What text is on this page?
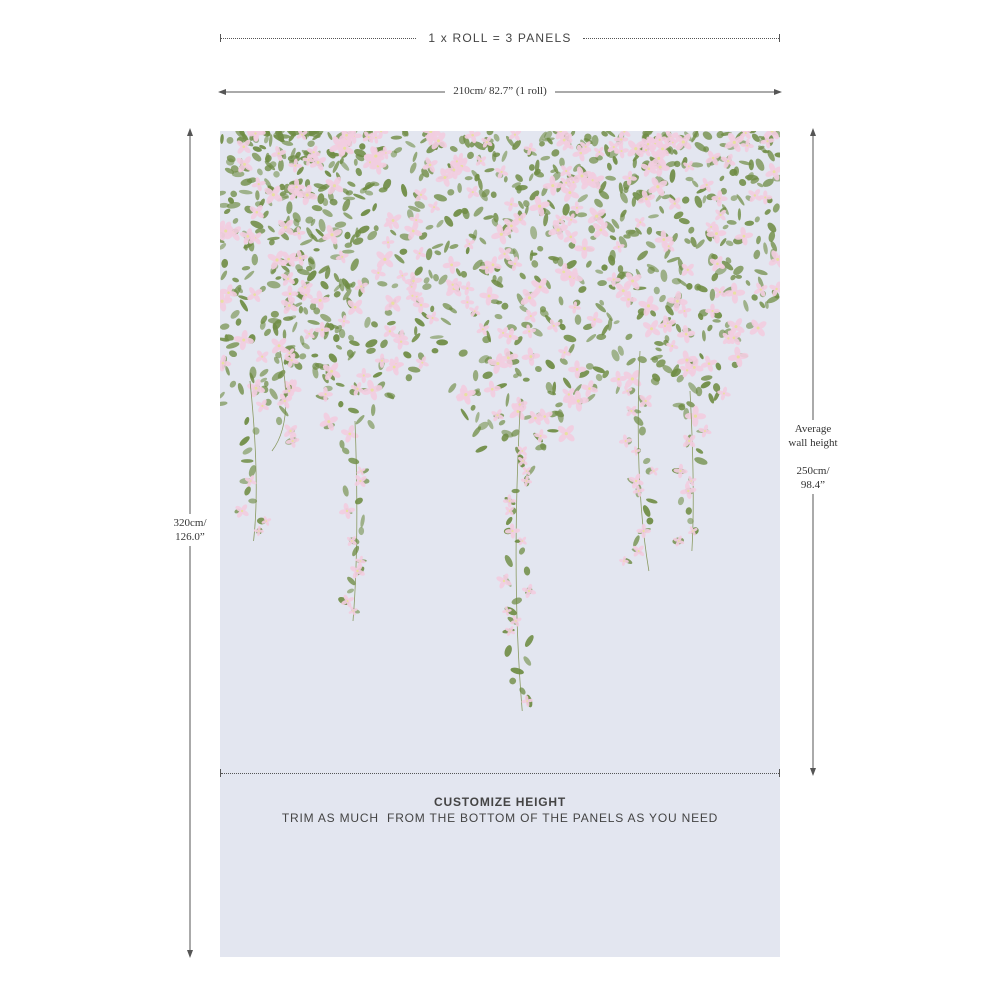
1 x ROLL = 3 PANELS
210cm/ 82.7” (1 roll)
320cm/
126.0”
Average
wall height
250cm/
98.4”
CUSTOMIZE HEIGHT
TRIM AS MUCH  FROM THE BOTTOM OF THE PANELS AS YOU NEED
